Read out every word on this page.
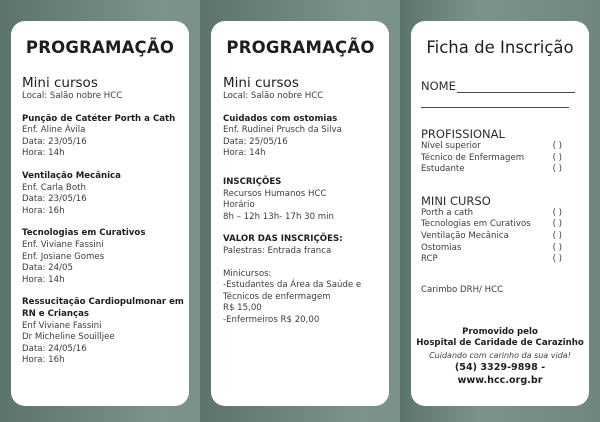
PROGRAMAÇÃO
Mini cursos
Local: Salão nobre HCC
Punção de Catéter Porth a Cath
Enf. Aline Ávila
Data: 23/05/16
Hora: 14h
Ventilação Mecânica
Enf. Carla Both
Data: 23/05/16
Hora: 16h
Tecnologias em Curativos
Enf. Viviane Fassini
Enf. Josiane Gomes
Data: 24/05
Hora: 14h
Ressucitação Cardiopulmonar em
RN e Crianças
Enf Viviane Fassini
Dr Micheline Souilljee
Data: 24/05/16
Hora: 16h
PROGRAMAÇÃO
Mini cursos
Local: Salão nobre HCC
Cuidados com ostomias
Enf. Rudinei Prusch da Silva
Data: 25/05/16
Hora: 14h
INSCRIÇÕES
Recursos Humanos HCC
Horário
8h – 12h 13h- 17h 30 min
VALOR DAS INSCRIÇÕES:
Palestras: Entrada franca
Minicursos:
-Estudantes da Área da Saúde e
Técnicos de enfermagem
R$ 15,00
-Enfermeiros R$ 20,00
Ficha de Inscrição
NOME
PROFISSIONAL
Nível superior	( )
Técnico de Enfermagem	( )
Estudante	( )
MINI CURSO
Porth a cath	( )
Tecnologias em Curativos	( )
Ventilação Mecânica	( )
Ostomias	( )
RCP	( )
Carimbo DRH/ HCC
Promovido pelo
Hospital de Caridade de Carazinho
Cuidando com carinho da sua vida!
(54) 3329-9898 - www.hcc.org.br
